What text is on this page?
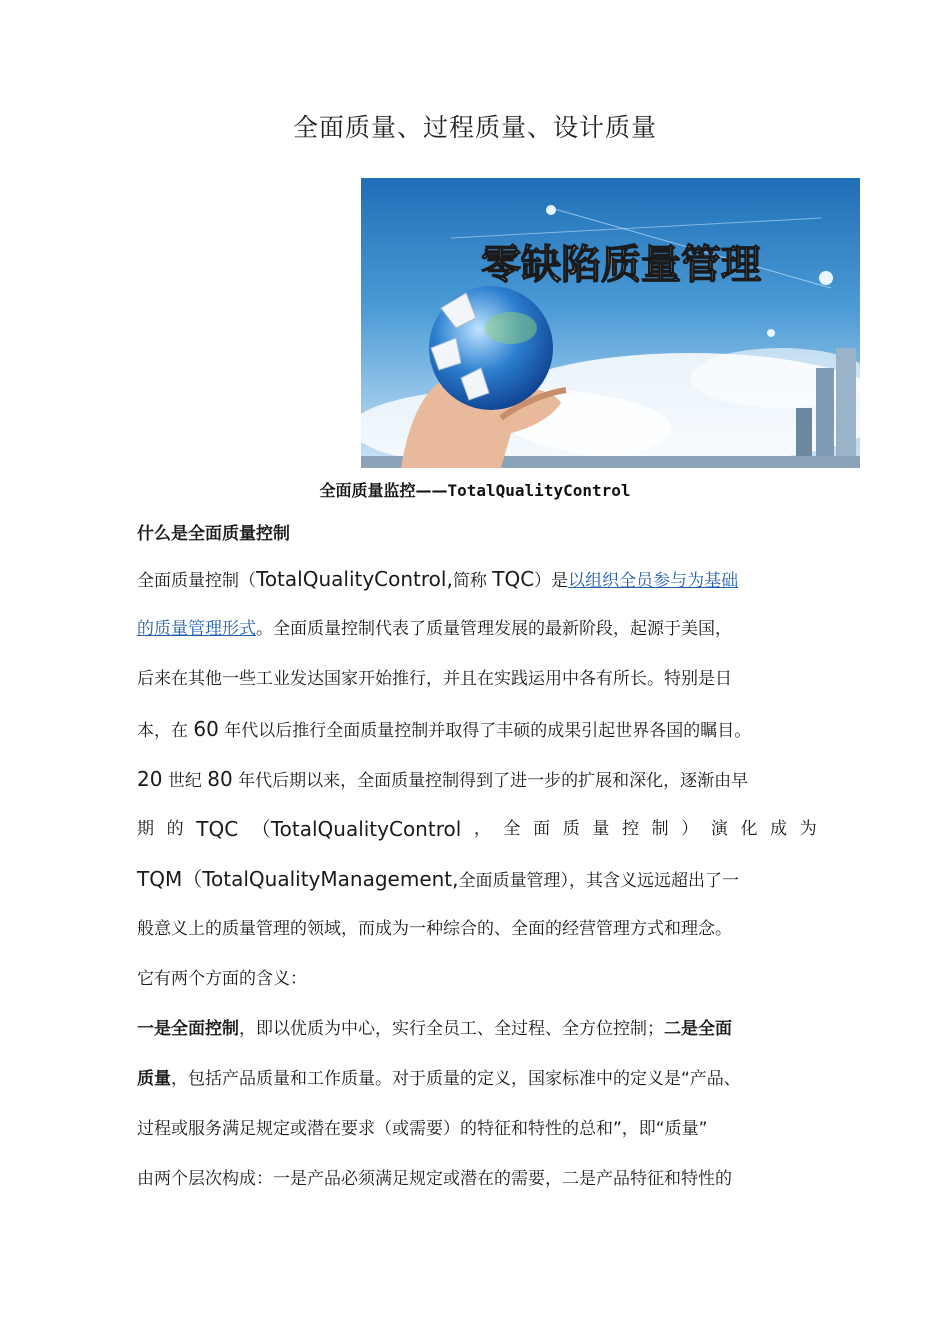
全面质量、过程质量、设计质量
零缺陷质量管理
全面质量监控——TotalQualityControl
什么是全面质量控制
全面质量控制（TotalQualityControl,简称 TQC）是以组织全员参与为基础
的质量管理形式。全面质量控制代表了质量管理发展的最新阶段，起源于美国，
后来在其他一些工业发达国家开始推行，并且在实践运用中各有所长。特别是日
本，在 60 年代以后推行全面质量控制并取得了丰硕的成果引起世界各国的瞩目。
20 世纪 80 年代后期以来，全面质量控制得到了进一步的扩展和深化，逐渐由早
期 的 TQC （TotalQualityControl ， 全 面 质 量 控 制 ） 演 化 成 为
TQM（TotalQualityManagement,全面质量管理），其含义远远超出了一
般意义上的质量管理的领域，而成为一种综合的、全面的经营管理方式和理念。
它有两个方面的含义：
一是全面控制，即以优质为中心，实行全员工、全过程、全方位控制；二是全面
质量，包括产品质量和工作质量。对于质量的定义，国家标准中的定义是“产品、
过程或服务满足规定或潜在要求（或需要）的特征和特性的总和”，即“质量”
由两个层次构成：一是产品必须满足规定或潜在的需要，二是产品特征和特性的
